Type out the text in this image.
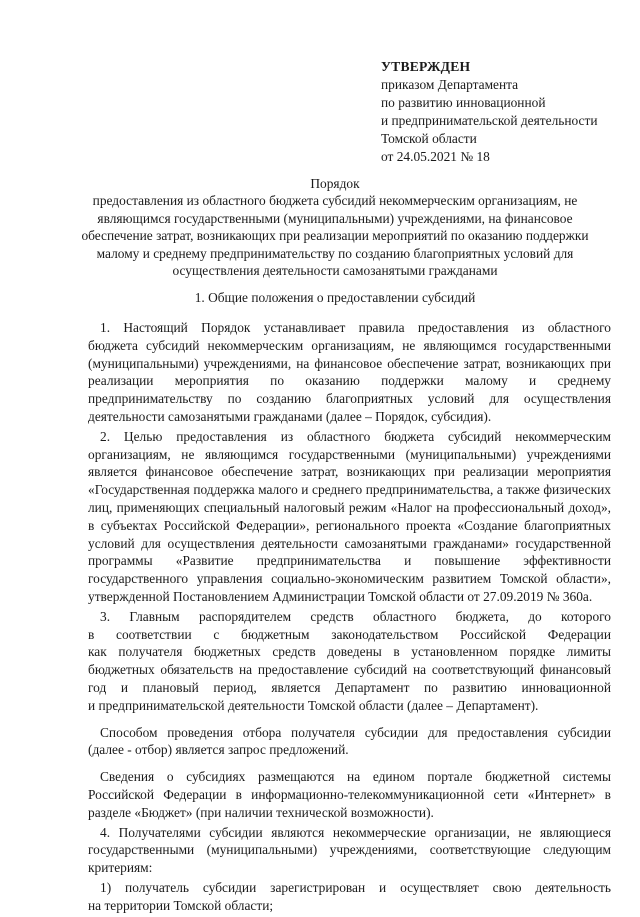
УТВЕРЖДЕН
приказом Департамента
по развитию инновационной
и предпринимательской деятельности
Томской области
от 24.05.2021 № 18
Порядок
предоставления из областного бюджета субсидий некоммерческим организациям, не
являющимся государственными (муниципальными) учреждениями, на финансовое
обеспечение затрат, возникающих при реализации мероприятий по оказанию поддержки
малому и среднему предпринимательству по созданию благоприятных условий для
осуществления деятельности самозанятыми гражданами
1. Общие положения о предоставлении субсидий
1. Настоящий Порядок устанавливает правила предоставления из областного
бюджета субсидий некоммерческим организациям, не являющимся государственными
(муниципальными) учреждениями, на финансовое обеспечение затрат, возникающих при
реализации мероприятия по оказанию поддержки малому и среднему
предпринимательству по созданию благоприятных условий для осуществления
деятельности самозанятыми гражданами (далее – Порядок, субсидия).
2. Целью предоставления из областного бюджета субсидий некоммерческим
организациям, не являющимся государственными (муниципальными) учреждениями
является финансовое обеспечение затрат, возникающих при реализации мероприятия
«Государственная поддержка малого и среднего предпринимательства, а также физических
лиц, применяющих специальный налоговый режим «Налог на профессиональный доход»,
в субъектах Российской Федерации», регионального проекта «Создание благоприятных
условий для осуществления деятельности самозанятыми гражданами» государственной
программы «Развитие предпринимательства и повышение эффективности
государственного управления социально-экономическим развитием Томской области»,
утвержденной Постановлением Администрации Томской области от 27.09.2019 № 360а.
3. Главным распорядителем средств областного бюджета, до которого
в соответствии с бюджетным законодательством Российской Федерации
как получателя бюджетных средств доведены в установленном порядке лимиты
бюджетных обязательств на предоставление субсидий на соответствующий финансовый
год и плановый период, является Департамент по развитию инновационной
и предпринимательской деятельности Томской области (далее – Департамент).
Способом проведения отбора получателя субсидии для предоставления субсидии
(далее - отбор) является запрос предложений.
Сведения о субсидиях размещаются на едином портале бюджетной системы
Российской Федерации в информационно-телекоммуникационной сети «Интернет» в
разделе «Бюджет» (при наличии технической возможности).
4. Получателями субсидии являются некоммерческие организации, не являющиеся
государственными (муниципальными) учреждениями, соответствующие следующим
критериям:
1) получатель субсидии зарегистрирован и осуществляет свою деятельность
на территории Томской области;
